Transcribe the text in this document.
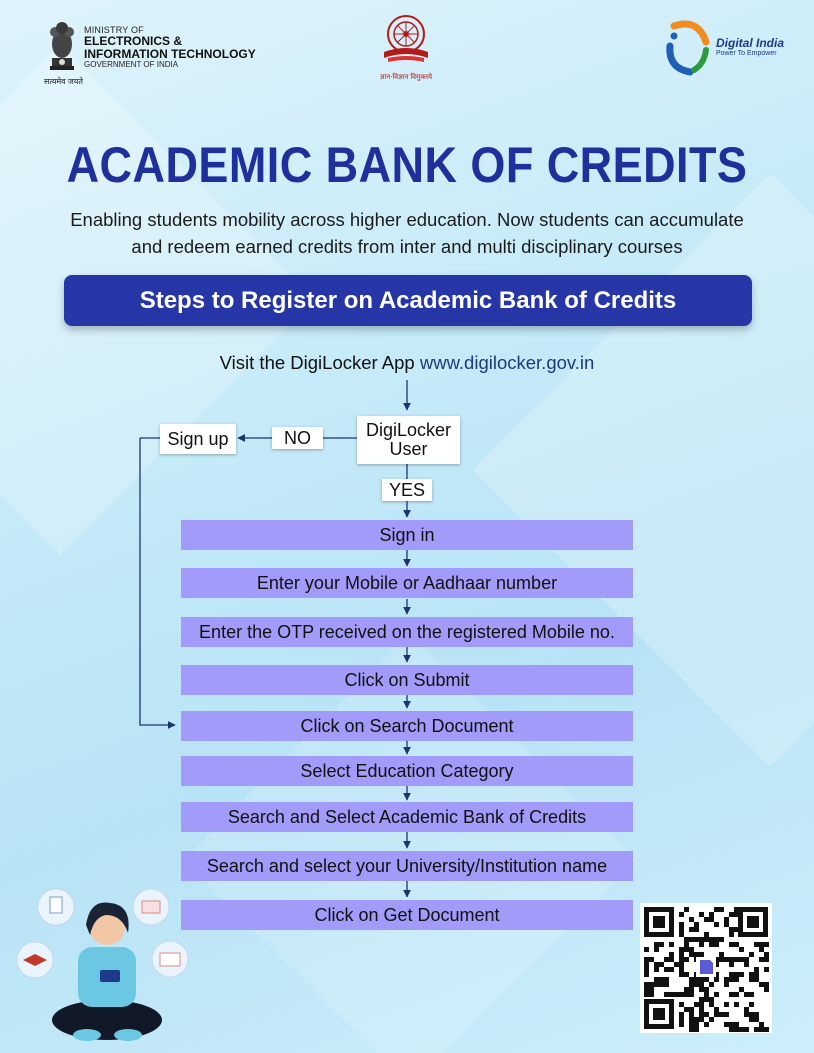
सत्यमेव जयते
MINISTRY OF
ELECTRONICS &
INFORMATION TECHNOLOGY
GOVERNMENT OF INDIA
ज्ञान-विज्ञान विमुक्तये
Digital India
Power To Empower
ACADEMIC BANK OF CREDITS
Enabling students mobility across higher education. Now students can accumulate
and redeem earned credits from inter and multi disciplinary courses
Steps to Register on Academic Bank of Credits
Visit the DigiLocker App www.digilocker.gov.in
DigiLocker
User
NO
Sign up
YES
Sign in
Enter your Mobile or Aadhaar number
Enter the OTP received on the registered Mobile no.
Click on Submit
Click on Search Document
Select Education Category
Search and Select Academic Bank of Credits
Search and select your University/Institution name
Click on Get Document
